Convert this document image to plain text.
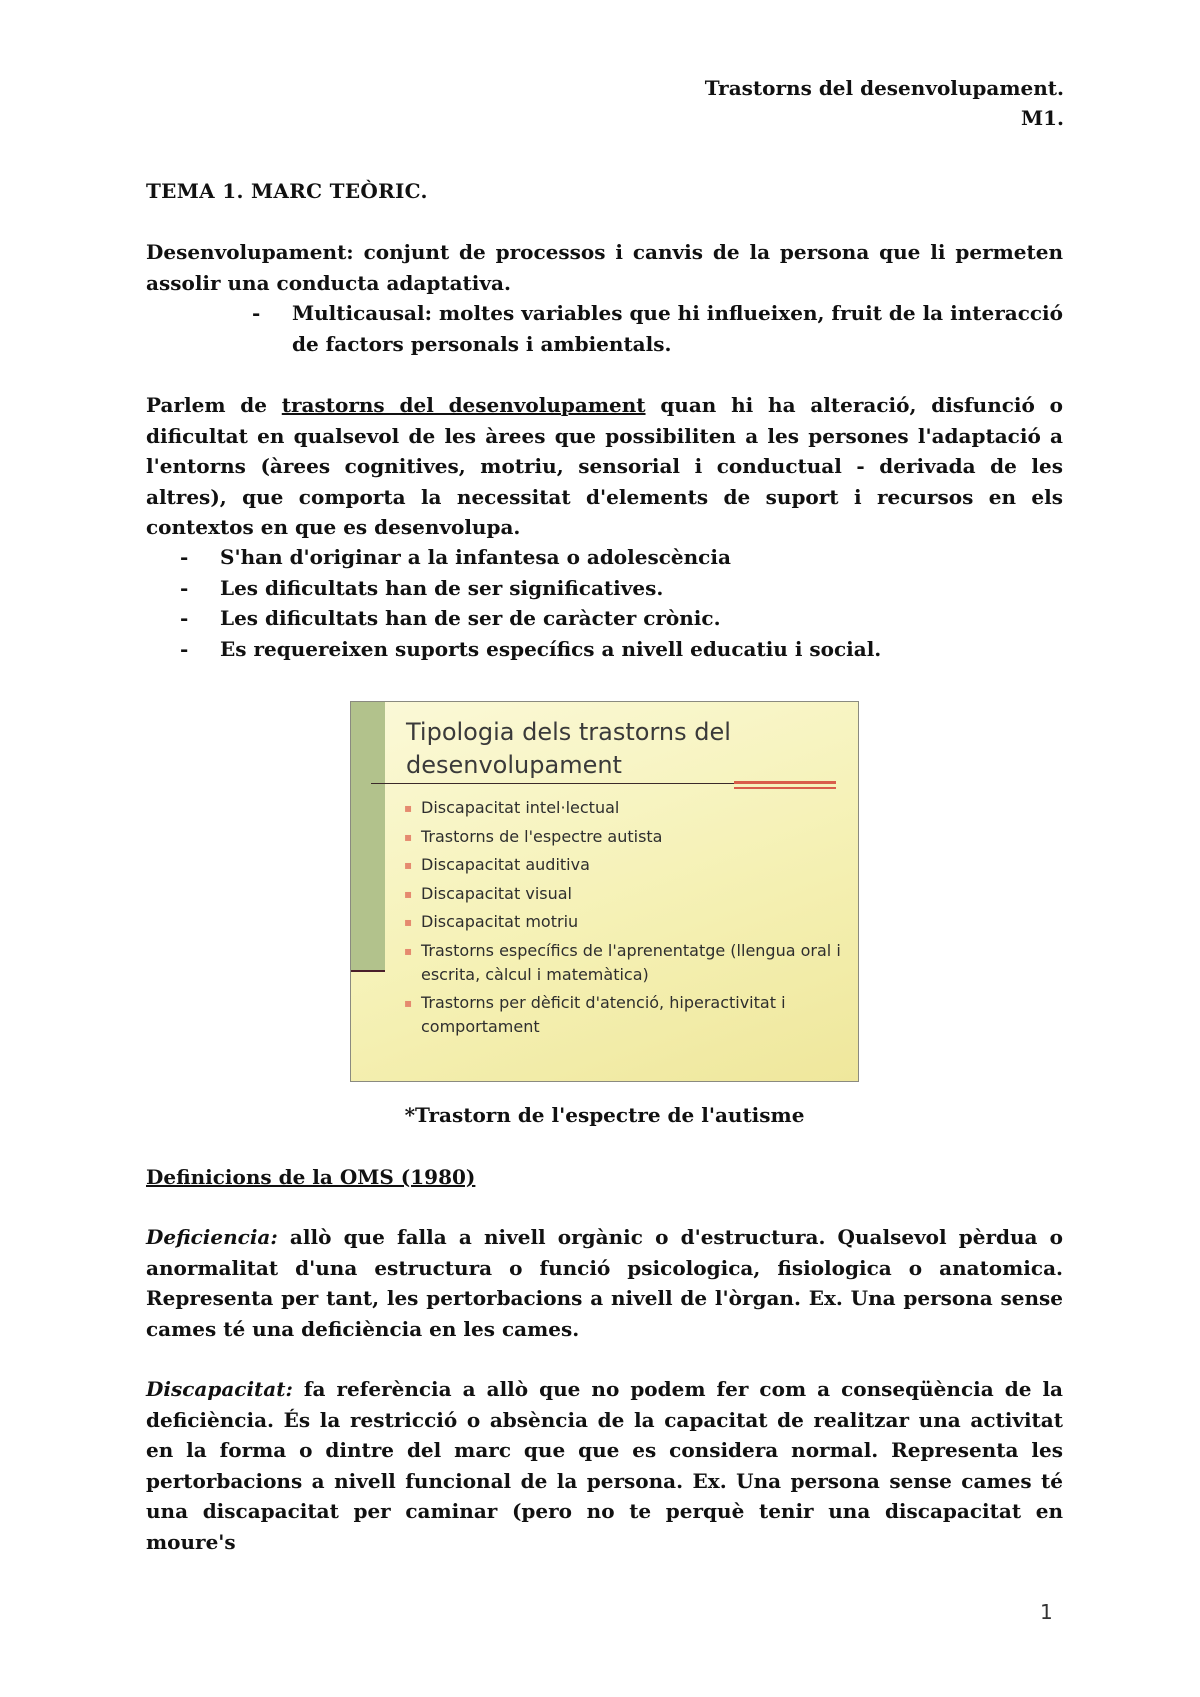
Trastorns del desenvolupament.
M1.
TEMA 1. MARC TEÒRIC.
Desenvolupament: conjunt de processos i canvis de la persona que li permeten assolir una conducta adaptativa.
- Multicausal: moltes variables que hi influeixen, fruit de la interacció de factors personals i ambientals.
Parlem de trastorns del desenvolupament quan hi ha alteració, disfunció o dificultat en qualsevol de les àrees que possibiliten a les persones l'adaptació a l'entorns (àrees cognitives, motriu, sensorial i conductual - derivada de les altres), que comporta la necessitat d'elements de suport i recursos en els contextos en que es desenvolupa.
- S'han d'originar a la infantesa o adolescència
- Les dificultats han de ser significatives.
- Les dificultats han de ser de caràcter crònic.
- Es requereixen suports específics a nivell educatiu i social.
Tipologia dels trastorns del
desenvolupament
▪ Discapacitat intel·lectual
▪ Trastorns de l'espectre autista
▪ Discapacitat auditiva
▪ Discapacitat visual
▪ Discapacitat motriu
▪ Trastorns específics de l'aprenentatge (llengua oral i escrita, càlcul i matemàtica)
▪ Trastorns per dèficit d'atenció, hiperactivitat i comportament
*Trastorn de l'espectre de l'autisme
Definicions de la OMS (1980)
Deficiencia: allò que falla a nivell orgànic o d'estructura. Qualsevol pèrdua o anormalitat d'una estructura o funció psicologica, fisiologica o anatomica. Representa per tant, les pertorbacions a nivell de l'òrgan. Ex. Una persona sense cames té una deficiència en les cames.
Discapacitat: fa referència a allò que no podem fer com a conseqüència de la deficiència. És la restricció o absència de la capacitat de realitzar una activitat en la forma o dintre del marc que que es considera normal. Representa les pertorbacions a nivell funcional de la persona. Ex. Una persona sense cames té una discapacitat per caminar (pero no te perquè tenir una discapacitat en moure's
1
